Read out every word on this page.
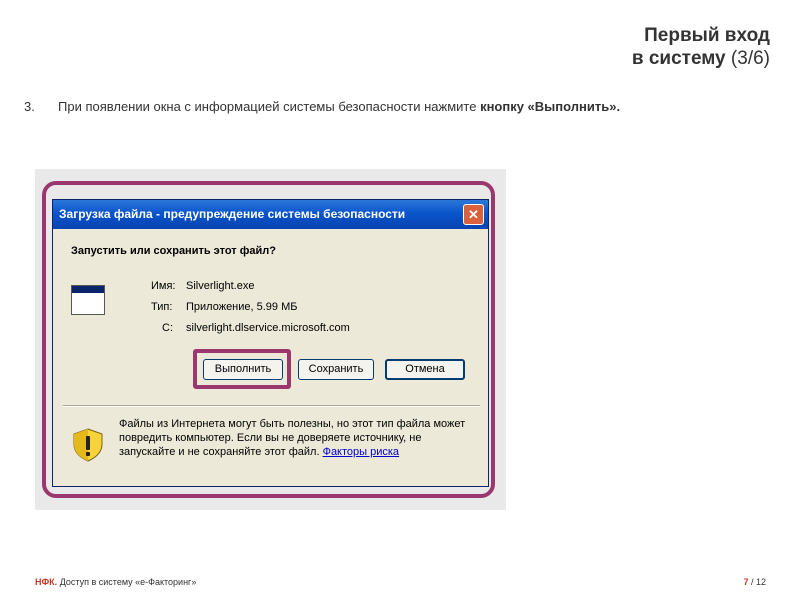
Первый вход
в систему (3/6)
3. При появлении окна с информацией системы безопасности нажмите кнопку «Выполнить».
Загрузка файла - предупреждение системы безопасности	✕
Запустить или сохранить этот файл?
Имя: Silverlight.exe
Тип: Приложение, 5.99 МБ
С: silverlight.dlservice.microsoft.com
Выполнить	Сохранить	Отмена
Файлы из Интернета могут быть полезны, но этот тип файла может повредить компьютер. Если вы не доверяете источнику, не запускайте и не сохраняйте этот файл. Факторы риска
НФК. Доступ в систему «e-Факторинг»	7 / 12
